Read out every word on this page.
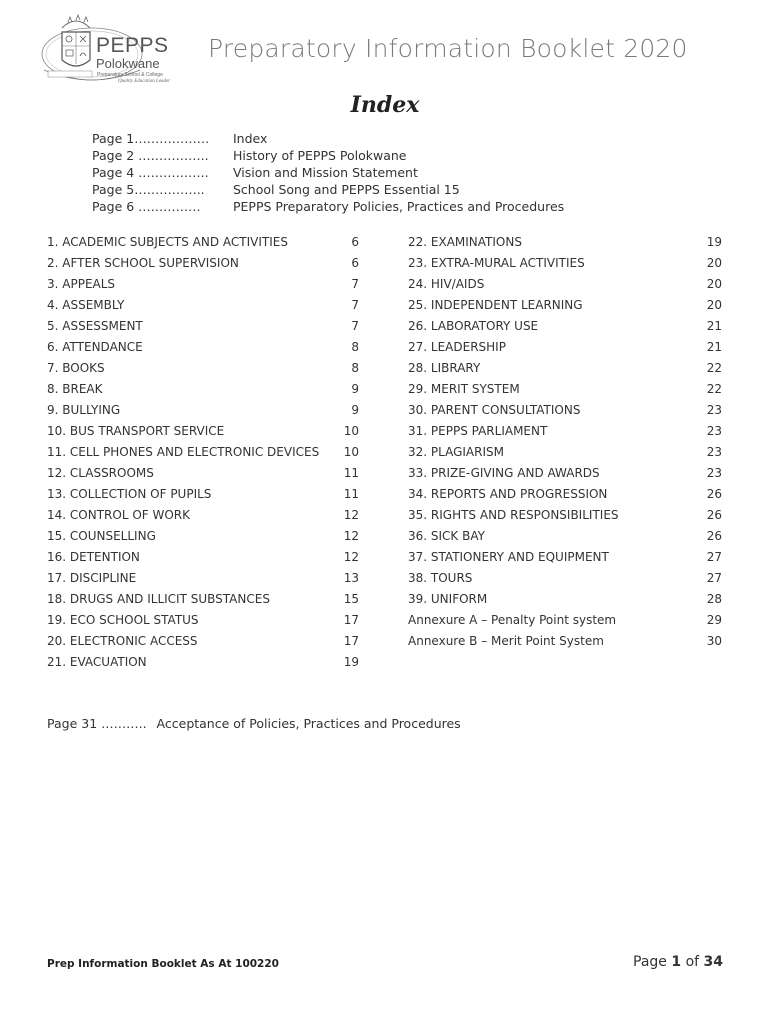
PEPPS
Polokwane
Preparatory School & College
Quality Education Leader
Preparatory Information Booklet 2020
Index
Page 1……………… Index
Page 2 …………….. History of PEPPS Polokwane
Page 4 …………….. Vision and Mission Statement
Page 5…………….. School Song and PEPPS Essential 15
Page 6 ……………	PEPPS Preparatory Policies, Practices and Procedures
1. ACADEMIC SUBJECTS AND ACTIVITIES	6
2. AFTER SCHOOL SUPERVISION	6
3. APPEALS	7
4. ASSEMBLY	7
5. ASSESSMENT	7
6. ATTENDANCE	8
7. BOOKS	8
8. BREAK	9
9. BULLYING	9
10. BUS TRANSPORT SERVICE	10
11. CELL PHONES AND ELECTRONIC DEVICES 10
12. CLASSROOMS	11
13. COLLECTION OF PUPILS	11
14. CONTROL OF WORK	12
15. COUNSELLING	12
16. DETENTION	12
17. DISCIPLINE	13
18. DRUGS AND ILLICIT SUBSTANCES	15
19. ECO SCHOOL STATUS	17
20. ELECTRONIC ACCESS	17
21. EVACUATION	19
22. EXAMINATIONS	19
23. EXTRA-MURAL ACTIVITIES	20
24. HIV/AIDS	20
25. INDEPENDENT LEARNING	20
26. LABORATORY USE	21
27. LEADERSHIP	21
28. LIBRARY	22
29. MERIT SYSTEM	22
30. PARENT CONSULTATIONS	23
31. PEPPS PARLIAMENT	23
32. PLAGIARISM	23
33. PRIZE-GIVING AND AWARDS	23
34. REPORTS AND PROGRESSION	26
35. RIGHTS AND RESPONSIBILITIES	26
36. SICK BAY	26
37. STATIONERY AND EQUIPMENT	27
38. TOURS	27
39. UNIFORM	28
Annexure A – Penalty Point system	29
Annexure B – Merit Point System	30
Page 31 ……….. Acceptance of Policies, Practices and Procedures
Prep Information Booklet As At 100220	Page 1 of 34
